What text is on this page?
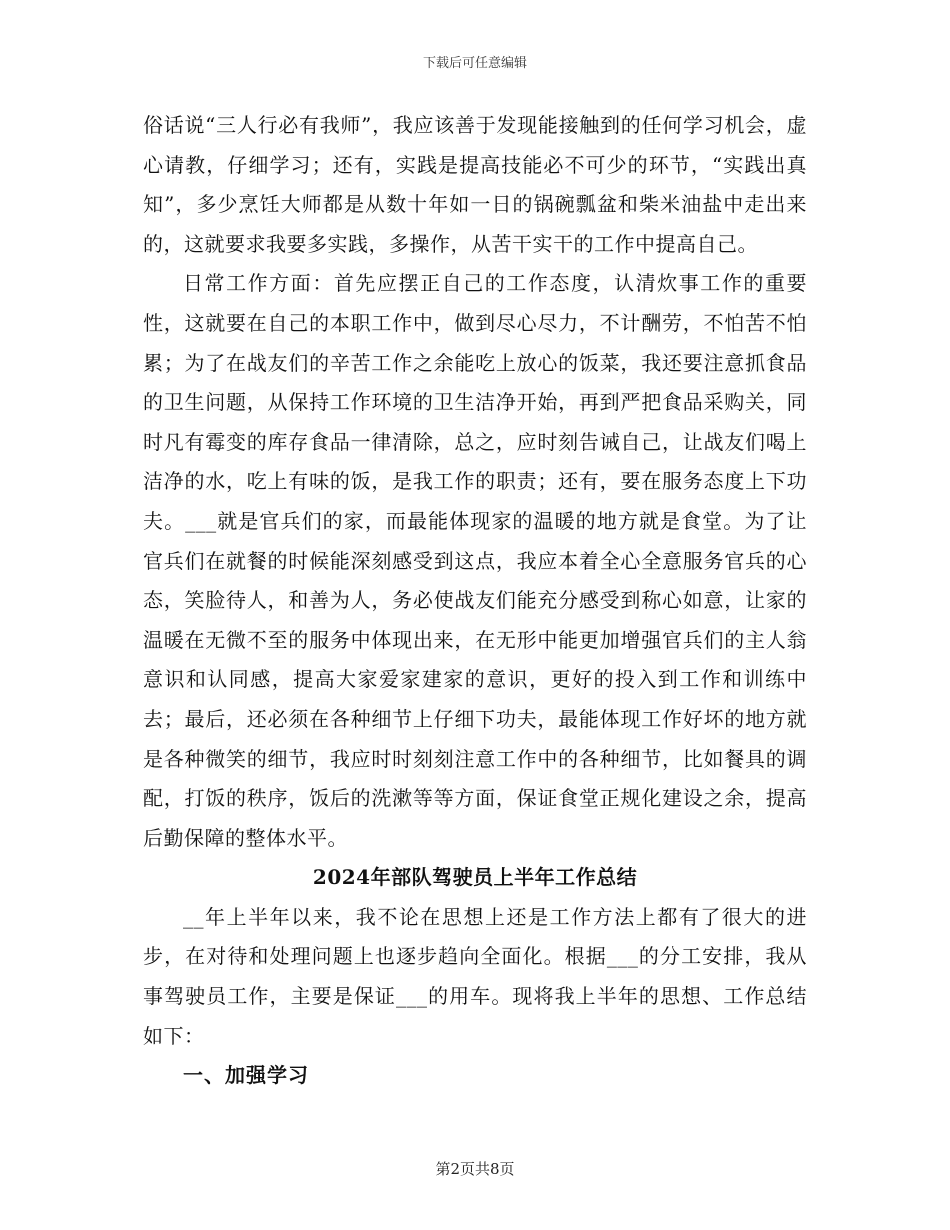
下载后可任意编辑

俗话说“三人行必有我师”，我应该善于发现能接触到的任何学习机会，虚心请教，仔细学习；还有，实践是提高技能必不可少的环节，“实践出真知”，多少烹饪大师都是从数十年如一日的锅碗瓢盆和柴米油盐中走出来的，这就要求我要多实践，多操作，从苦干实干的工作中提高自己。

日常工作方面：首先应摆正自己的工作态度，认清炊事工作的重要性，这就要在自己的本职工作中，做到尽心尽力，不计酬劳，不怕苦不怕累；为了在战友们的辛苦工作之余能吃上放心的饭菜，我还要注意抓食品的卫生问题，从保持工作环境的卫生洁净开始，再到严把食品采购关，同时凡有霉变的库存食品一律清除，总之，应时刻告诫自己，让战友们喝上洁净的水，吃上有味的饭，是我工作的职责；还有，要在服务态度上下功夫。___就是官兵们的家，而最能体现家的温暖的地方就是食堂。为了让官兵们在就餐的时候能深刻感受到这点，我应本着全心全意服务官兵的心态，笑脸待人，和善为人，务必使战友们能充分感受到称心如意，让家的温暖在无微不至的服务中体现出来，在无形中能更加增强官兵们的主人翁意识和认同感，提高大家爱家建家的意识，更好的投入到工作和训练中去；最后，还必须在各种细节上仔细下功夫，最能体现工作好坏的地方就是各种微笑的细节，我应时时刻刻注意工作中的各种细节，比如餐具的调配，打饭的秩序，饭后的洗漱等等方面，保证食堂正规化建设之余，提高后勤保障的整体水平。

2024年部队驾驶员上半年工作总结

__年上半年以来，我不论在思想上还是工作方法上都有了很大的进步，在对待和处理问题上也逐步趋向全面化。根据___的分工安排，我从事驾驶员工作，主要是保证___的用车。现将我上半年的思想、工作总结如下：

一、加强学习

第2页共8页
